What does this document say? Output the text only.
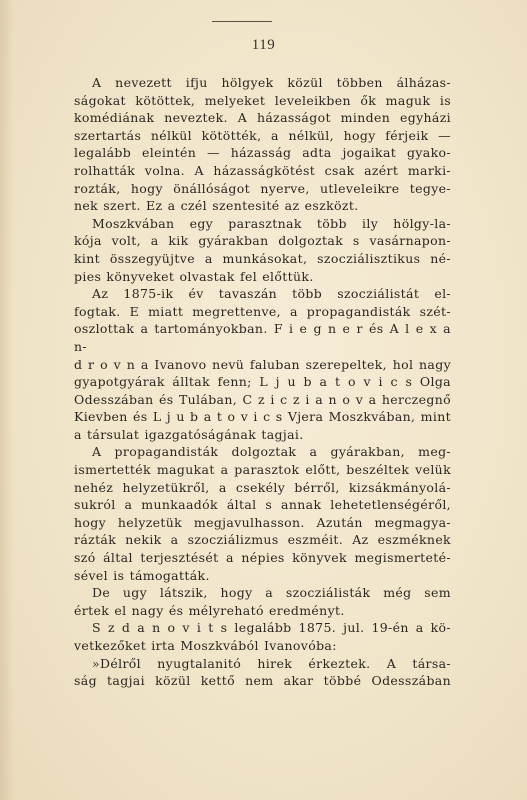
119
A nevezett ifju hölgyek közül többen álházas-
ságokat kötöttek, melyeket leveleikben ők maguk is
komédiának neveztek. A házasságot minden egyházi
szertartás nélkül kötötték, a nélkül, hogy férjeik —
legalább eleintén — házasság adta jogaikat gyako-
rolhatták volna. A házasságkötést csak azért marki-
rozták, hogy önállóságot nyerve, utleveleikre tegye-
nek szert. Ez a czél szentesité az eszközt.
Moszkvában egy parasztnak több ily hölgy-la-
kója volt, a kik gyárakban dolgoztak s vasárnapon-
kint összegyüjtve a munkásokat, szocziálisztikus né-
pies könyveket olvastak fel előttük.
Az 1875-ik év tavaszán több szocziálistát el-
fogtak. E miatt megrettenve, a propagandisták szét-
oszlottak a tartományokban. F i e g n e r és A l e x a n-
d r o v n a Ivanovo nevü faluban szerepeltek, hol nagy
gyapotgyárak álltak fenn; L j u b a t o v i c s Olga
Odesszában és Tulában, C z i c z i a n o v a herczegnő
Kievben és L j u b a t o v i c s Vjera Moszkvában, mint
a társulat igazgatóságának tagjai.
A propagandisták dolgoztak a gyárakban, meg-
ismertették magukat a parasztok előtt, beszéltek velük
nehéz helyzetükről, a csekély bérről, kizsákmányolá-
sukról a munkaadók által s annak lehetetlenségéről,
hogy helyzetük megjavulhasson. Azután megmagya-
rázták nekik a szocziálizmus eszméit. Az eszméknek
szó által terjesztését a népies könyvek megismerteté-
sével is támogatták.
De ugy látszik, hogy a szocziálisták még sem
értek el nagy és mélyreható eredményt.
S z d a n o v i t s legalább 1875. jul. 19-én a kö-
vetkezőket irta Moszkvából Ivanovóba:
»Délről nyugtalanitó hirek érkeztek. A társa-
ság tagjai közül kettő nem akar többé Odesszában
